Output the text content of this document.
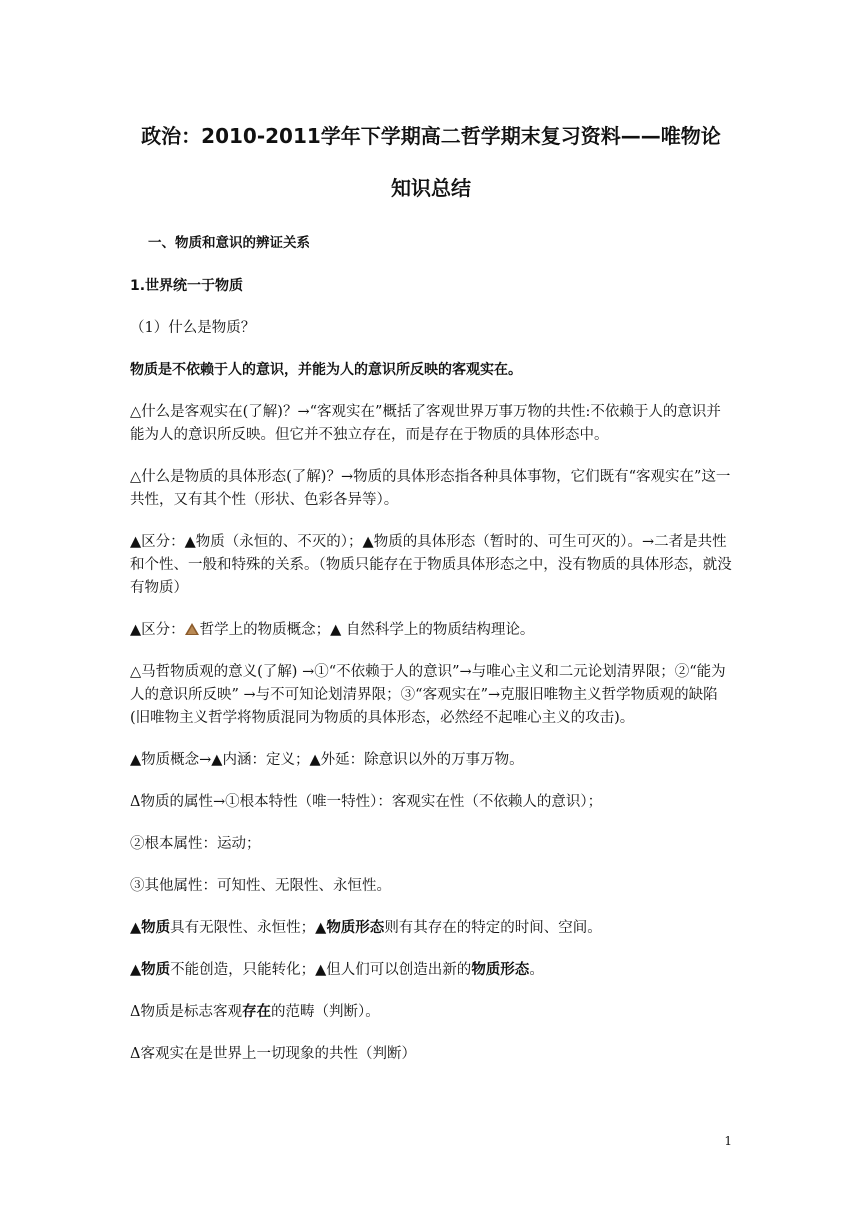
政治：2010-2011学年下学期高二哲学期末复习资料——唯物论
知识总结
一、物质和意识的辨证关系
1.世界统一于物质

（1）什么是物质？

物质是不依赖于人的意识，并能为人的意识所反映的客观实在。

△什么是客观实在(了解)？→“客观实在”概括了客观世界万事万物的共性:不依赖于人的意识并能为人的意识所反映。但它并不独立存在，而是存在于物质的具体形态中。

△什么是物质的具体形态(了解)？→物质的具体形态指各种具体事物，它们既有“客观实在”这一共性，又有其个性（形状、色彩各异等）。

▲区分：▲物质（永恒的、不灭的）；▲物质的具体形态（暂时的、可生可灭的）。→二者是共性和个性、一般和特殊的关系。（物质只能存在于物质具体形态之中，没有物质的具体形态，就没有物质）

▲区分： 哲学上的物质概念；▲ 自然科学上的物质结构理论。

△马哲物质观的意义(了解) →①“不依赖于人的意识”→与唯心主义和二元论划清界限；②“能为人的意识所反映” →与不可知论划清界限；③“客观实在”→克服旧唯物主义哲学物质观的缺陷(旧唯物主义哲学将物质混同为物质的具体形态，必然经不起唯心主义的攻击)。

▲物质概念→▲内涵：定义；▲外延：除意识以外的万事万物。

Δ物质的属性→①根本特性（唯一特性）：客观实在性（不依赖人的意识）；

②根本属性：运动；

③其他属性：可知性、无限性、永恒性。

▲物质具有无限性、永恒性；▲物质形态则有其存在的特定的时间、空间。

▲物质不能创造，只能转化；▲但人们可以创造出新的物质形态。

Δ物质是标志客观存在的范畴（判断）。

Δ客观实在是世界上一切现象的共性（判断）

1
